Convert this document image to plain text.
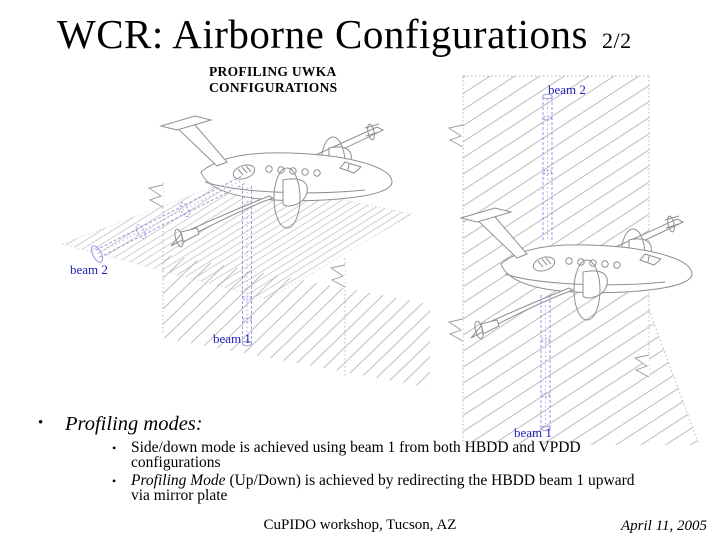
beam 2
beam 1
beam 2
beam 1
WCR: Airborne Configurations 2/2
PROFILING UWKA
CONFIGURATIONS
• Profiling modes:
• Side/down mode is achieved using beam 1 from both HBDD and VPDD
configurations
• Profiling Mode (Up/Down) is achieved by redirecting the HBDD beam 1 upward
via mirror plate
CuPIDO workshop, Tucson, AZ	April 11, 2005
